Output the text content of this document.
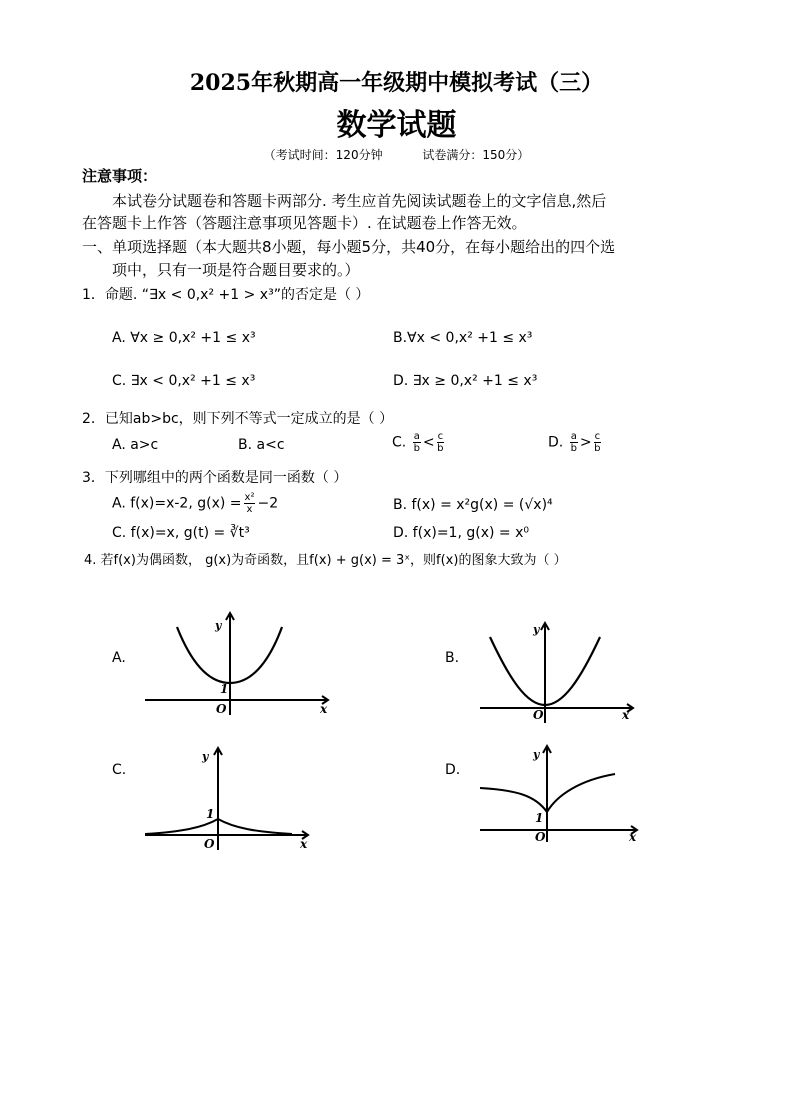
2025年秋期高一年级期中模拟考试（三）
数学试题
（考试时间：120分钟	试卷满分：150分）
注意事项：
本试卷分试题卷和答题卡两部分. 考生应首先阅读试题卷上的文字信息,然后
在答题卡上作答（答题注意事项见答题卡）. 在试题卷上作答无效。
一、单项选择题（本大题共8小题，每小题5分，共40分，在每小题给出的四个选
项中，只有一项是符合题目要求的。）
1．命题. “∃x < 0,x² +1 > x³”的否定是（ ）
A. ∀x ≥ 0,x² +1 ≤ x³	B.∀x < 0,x² +1 ≤ x³
C. ∃x < 0,x² +1 ≤ x³	D. ∃x ≥ 0,x² +1 ≤ x³
2．已知ab>bc，则下列不等式一定成立的是（ ）
A. a>c	B. a<c	C. $\frac{a}{b} < \frac{c}{b}$	D. $\frac{a}{b} > \frac{c}{b}$
3．下列哪组中的两个函数是同一函数（ ）
A. f(x)=x-2, $g(x) = \frac{\text{x²}}{x} -2$	B. f(x) = x²g(x) = (√x)⁴
C. f(x)=x, g(t) = ∛t³	D. f(x)=1, g(x) = x⁰
4. 若f(x)为偶函数， g(x)为奇函数，且f(x) + g(x) = 3ˣ，则f(x)的图象大致为（ ）
A.	B.
C.	D.
y
1
O	x
y
O	x
y
1
O	x
y
1
O	x
